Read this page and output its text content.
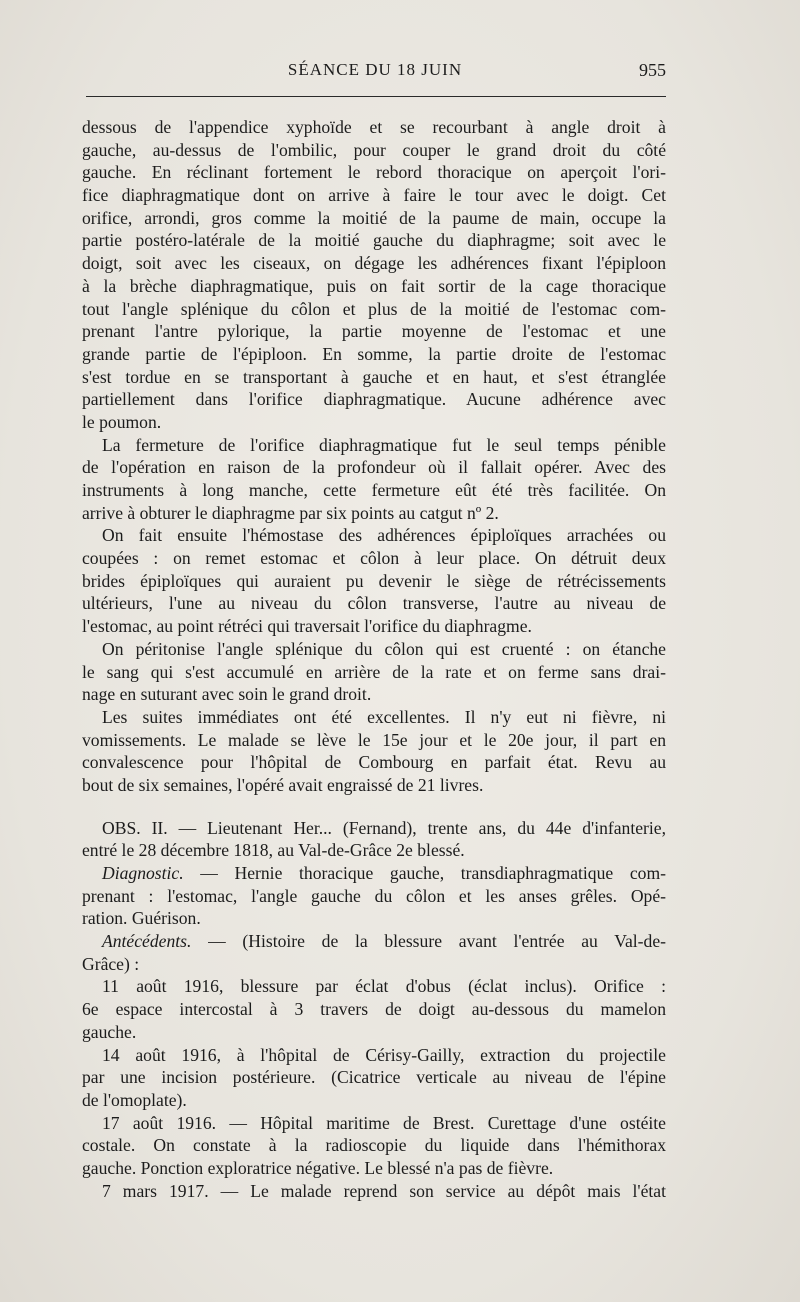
SÉANCE DU 18 JUIN	955
dessous de l'appendice xyphoïde et se recourbant à angle droit à
gauche, au-dessus de l'ombilic, pour couper le grand droit du côté
gauche. En réclinant fortement le rebord thoracique on aperçoit l'ori-
fice diaphragmatique dont on arrive à faire le tour avec le doigt. Cet
orifice, arrondi, gros comme la moitié de la paume de main, occupe la
partie postéro-latérale de la moitié gauche du diaphragme; soit avec le
doigt, soit avec les ciseaux, on dégage les adhérences fixant l'épiploon
à la brèche diaphragmatique, puis on fait sortir de la cage thoracique
tout l'angle splénique du côlon et plus de la moitié de l'estomac com-
prenant l'antre pylorique, la partie moyenne de l'estomac et une
grande partie de l'épiploon. En somme, la partie droite de l'estomac
s'est tordue en se transportant à gauche et en haut, et s'est étranglée
partiellement dans l'orifice diaphragmatique. Aucune adhérence avec
le poumon.
La fermeture de l'orifice diaphragmatique fut le seul temps pénible
de l'opération en raison de la profondeur où il fallait opérer. Avec des
instruments à long manche, cette fermeture eût été très facilitée. On
arrive à obturer le diaphragme par six points au catgut nº 2.
On fait ensuite l'hémostase des adhérences épiploïques arrachées ou
coupées : on remet estomac et côlon à leur place. On détruit deux
brides épiploïques qui auraient pu devenir le siège de rétrécissements
ultérieurs, l'une au niveau du côlon transverse, l'autre au niveau de
l'estomac, au point rétréci qui traversait l'orifice du diaphragme.
On péritonise l'angle splénique du côlon qui est cruenté : on étanche
le sang qui s'est accumulé en arrière de la rate et on ferme sans drai-
nage en suturant avec soin le grand droit.
Les suites immédiates ont été excellentes. Il n'y eut ni fièvre, ni
vomissements. Le malade se lève le 15e jour et le 20e jour, il part en
convalescence pour l'hôpital de Combourg en parfait état. Revu au
bout de six semaines, l'opéré avait engraissé de 21 livres.
OBS. II. — Lieutenant Her... (Fernand), trente ans, du 44e d'infanterie,
entré le 28 décembre 1818, au Val-de-Grâce 2e blessé.
Diagnostic. — Hernie thoracique gauche, transdiaphragmatique com-
prenant : l'estomac, l'angle gauche du côlon et les anses grêles. Opé-
ration. Guérison.
Antécédents. — (Histoire de la blessure avant l'entrée au Val-de-
Grâce) :
11 août 1916, blessure par éclat d'obus (éclat inclus). Orifice :
6e espace intercostal à 3 travers de doigt au-dessous du mamelon
gauche.
14 août 1916, à l'hôpital de Cérisy-Gailly, extraction du projectile
par une incision postérieure. (Cicatrice verticale au niveau de l'épine
de l'omoplate).
17 août 1916. — Hôpital maritime de Brest. Curettage d'une ostéite
costale. On constate à la radioscopie du liquide dans l'hémithorax
gauche. Ponction exploratrice négative. Le blessé n'a pas de fièvre.
7 mars 1917. — Le malade reprend son service au dépôt mais l'état
